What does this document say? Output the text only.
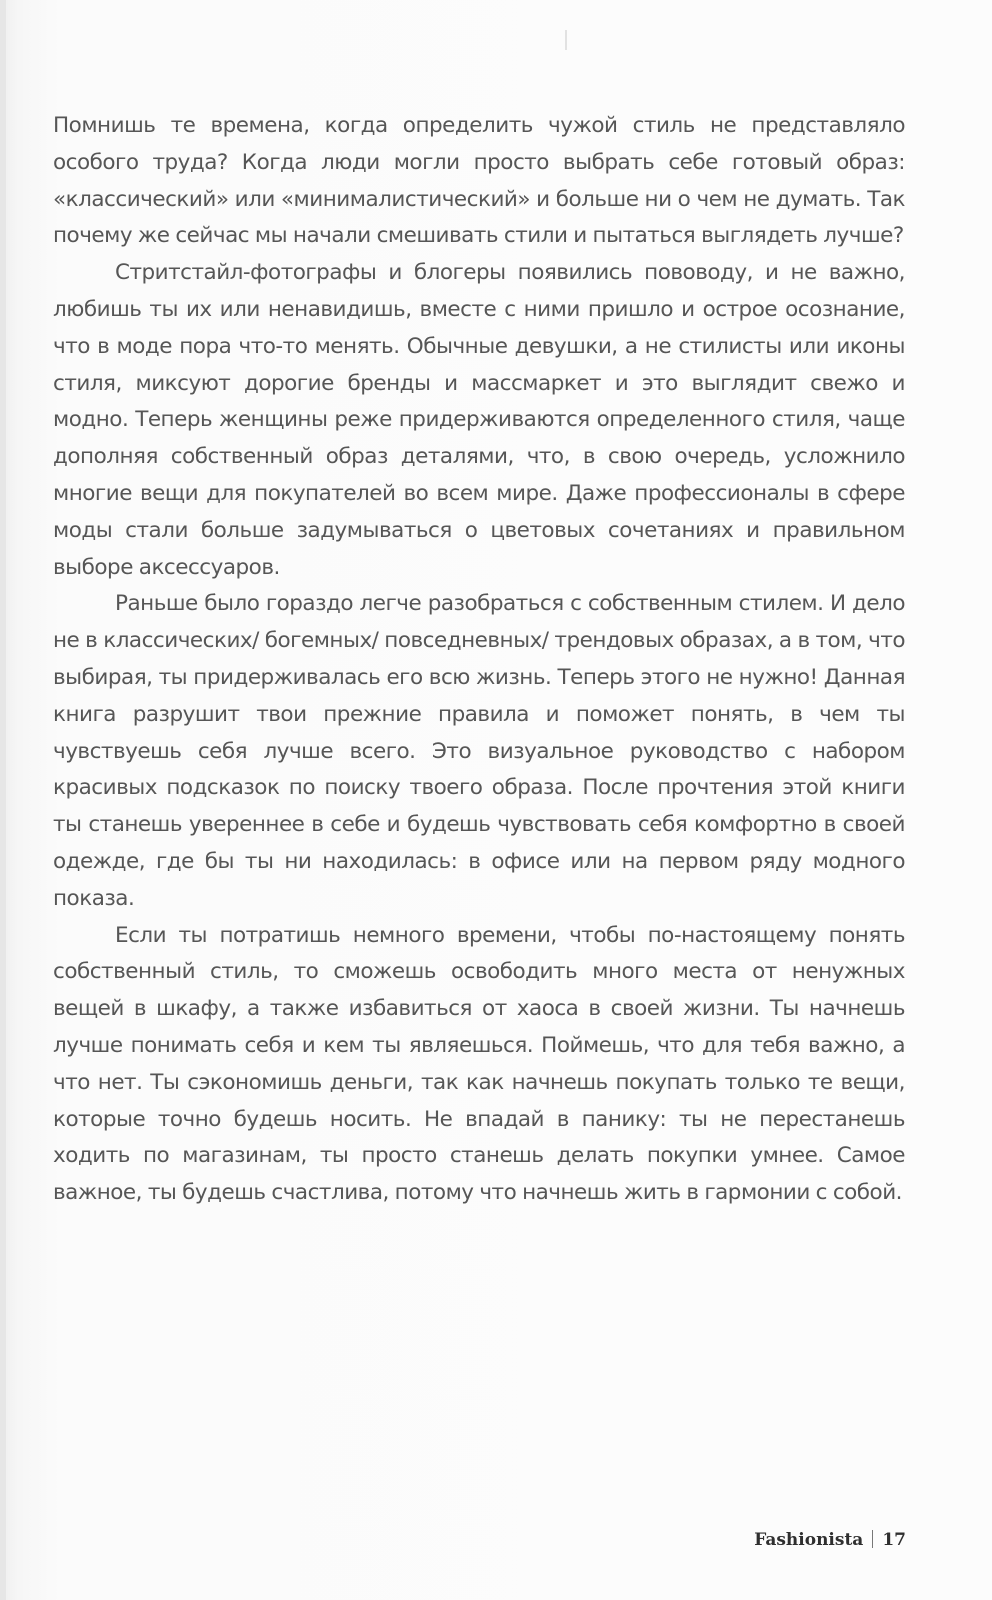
Помнишь те времена, когда определить чужой стиль не представляло особого труда? Когда люди могли просто выбрать себе готовый образ: «классический» или «минималистический» и больше ни о чем не думать. Так почему же сейчас мы начали смешивать стили и пытаться выглядеть лучше?

Стритстайл-фотографы и блогеры появились пововоду, и не важно, любишь ты их или ненавидишь, вместе с ними пришло и острое осознание, что в моде пора что-то менять. Обычные девушки, а не стилисты или иконы стиля, миксуют дорогие бренды и массмаркет и это выглядит свежо и модно. Теперь женщины реже придерживаются определенного стиля, чаще дополняя собственный образ деталями, что, в свою очередь, усложнило многие вещи для покупателей во всем мире. Даже профессионалы в сфере моды стали больше задумываться о цветовых сочетаниях и правильном выборе аксессуаров.

Раньше было гораздо легче разобраться с собственным стилем. И дело не в классических/ богемных/ повседневных/ трендовых образах, а в том, что выбирая, ты придерживалась его всю жизнь. Теперь этого не нужно! Данная книга разрушит твои прежние правила и поможет понять, в чем ты чувствуешь себя лучше всего. Это визуальное руководство с набором красивых подсказок по поиску твоего образа. После прочтения этой книги ты станешь увереннее в себе и будешь чувствовать себя комфортно в своей одежде, где бы ты ни находилась: в офисе или на первом ряду модного показа.

Если ты потратишь немного времени, чтобы по-настоящему понять собственный стиль, то сможешь освободить много места от ненужных вещей в шкафу, а также избавиться от хаоса в своей жизни. Ты начнешь лучше понимать себя и кем ты являешься. Поймешь, что для тебя важно, а что нет. Ты сэкономишь деньги, так как начнешь покупать только те вещи, которые точно будешь носить. Не впадай в панику: ты не перестанешь ходить по магазинам, ты просто станешь делать покупки умнее. Самое важное, ты будешь счастлива, потому что начнешь жить в гармонии с собой.

Fashionista 17
